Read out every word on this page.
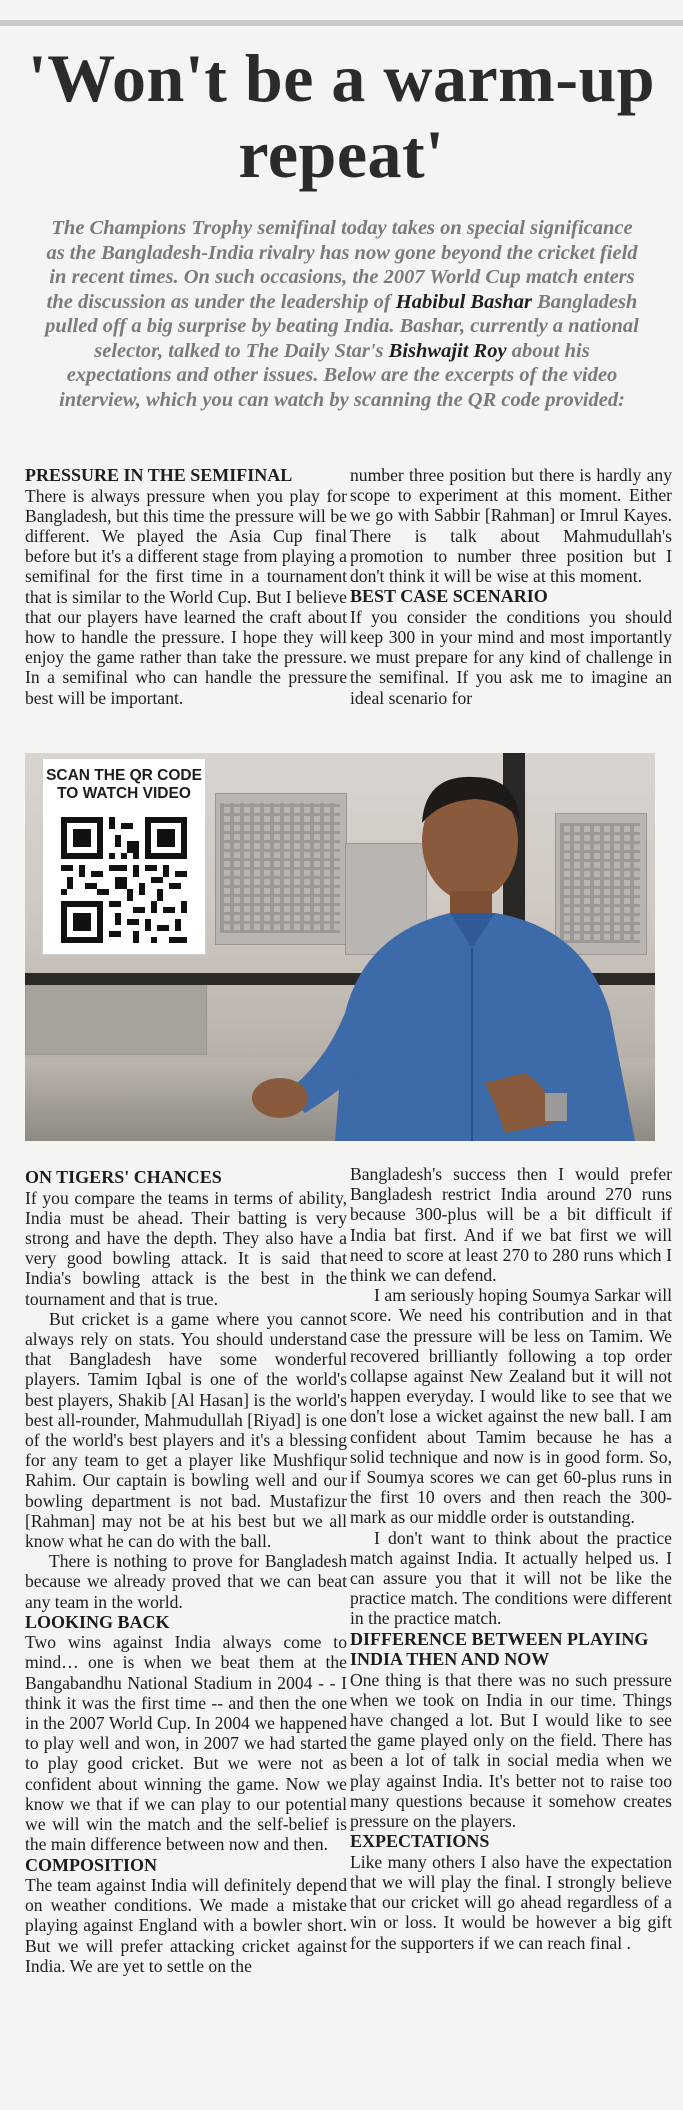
'Won't be a warm-up repeat'
The Champions Trophy semifinal today takes on special significance as the Bangladesh-India rivalry has now gone beyond the cricket field in recent times. On such occasions, the 2007 World Cup match enters the discussion as under the leadership of Habibul Bashar Bangladesh pulled off a big surprise by beating India. Bashar, currently a national selector, talked to The Daily Star's Bishwajit Roy about his expectations and other issues. Below are the excerpts of the video interview, which you can watch by scanning the QR code provided:
PRESSURE IN THE SEMIFINAL

There is always pressure when you play for Bangladesh, but this time the pressure will be different. We played the Asia Cup final before but it's a different stage from playing a semifinal for the first time in a tournament that is similar to the World Cup. But I believe that our players have learned the craft about how to handle the pressure. I hope they will enjoy the game rather than take the pressure. In a semifinal who can handle the pressure best will be important.

number three position but there is hardly any scope to experiment at this moment. Either we go with Sabbir [Rahman] or Imrul Kayes. There is talk about Mahmudullah's promotion to number three position but I don't think it will be wise at this moment.

BEST CASE SCENARIO

If you consider the conditions you should keep 300 in your mind and most importantly we must prepare for any kind of challenge in the semifinal. If you ask me to imagine an ideal scenario for

SCAN THE QR CODE
TO WATCH VIDEO
ON TIGERS' CHANCES

If you compare the teams in terms of ability, India must be ahead. Their batting is very strong and have the depth. They also have a very good bowling attack. It is said that India's bowling attack is the best in the tournament and that is true.

But cricket is a game where you cannot always rely on stats. You should understand that Bangladesh have some wonderful players. Tamim Iqbal is one of the world's best players, Shakib [Al Hasan] is the world's best all-rounder, Mahmudullah [Riyad] is one of the world's best players and it's a blessing for any team to get a player like Mushfiqur Rahim. Our captain is bowling well and our bowling department is not bad. Mustafizur [Rahman] may not be at his best but we all know what he can do with the ball.

There is nothing to prove for Bangladesh because we already proved that we can beat any team in the world.

LOOKING BACK

Two wins against India always come to mind… one is when we beat them at the Bangabandhu National Stadium in 2004 - - I think it was the first time -- and then the one in the 2007 World Cup. In 2004 we happened to play well and won, in 2007 we had started to play good cricket. But we were not as confident about winning the game. Now we know we that if we can play to our potential we will win the match and the self-belief is the main difference between now and then.

COMPOSITION

The team against India will definitely depend on weather conditions. We made a mistake playing against England with a bowler short. But we will prefer attacking cricket against India. We are yet to settle on the

Bangladesh's success then I would prefer Bangladesh restrict India around 270 runs because 300-plus will be a bit difficult if India bat first. And if we bat first we will need to score at least 270 to 280 runs which I think we can defend.

I am seriously hoping Soumya Sarkar will score. We need his contribution and in that case the pressure will be less on Tamim. We recovered brilliantly following a top order collapse against New Zealand but it will not happen everyday. I would like to see that we don't lose a wicket against the new ball. I am confident about Tamim because he has a solid technique and now is in good form. So, if Soumya scores we can get 60-plus runs in the first 10 overs and then reach the 300-mark as our middle order is outstanding.

I don't want to think about the practice match against India. It actually helped us. I can assure you that it will not be like the practice match. The conditions were different in the practice match.

DIFFERENCE BETWEEN PLAYING INDIA THEN AND NOW

One thing is that there was no such pressure when we took on India in our time. Things have changed a lot. But I would like to see the game played only on the field. There has been a lot of talk in social media when we play against India. It's better not to raise too many questions because it somehow creates pressure on the players.

EXPECTATIONS

Like many others I also have the expectation that we will play the final. I strongly believe that our cricket will go ahead regardless of a win or loss. It would be however a big gift for the supporters if we can reach final .
